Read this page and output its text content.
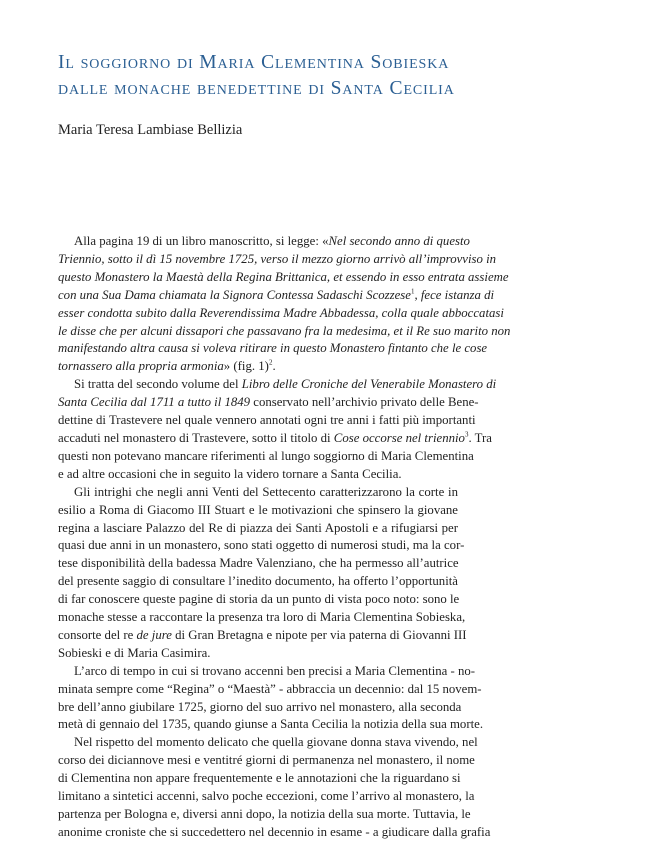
Il soggiorno di Maria Clementina Sobieska
dalle monache benedettine di Santa Cecilia
Maria Teresa Lambiase Bellizia

Alla pagina 19 di un libro manoscritto, si legge: «Nel secondo anno di questo
Triennio, sotto il dì 15 novembre 1725, verso il mezzo giorno arrivò all’improvviso in
questo Monastero la Maestà della Regina Brittanica, et essendo in esso entrata assieme
con una Sua Dama chiamata la Signora Contessa Sadaschi Scozzese$^1$, fece istanza di
esser condotta subito dalla Reverendissima Madre Abbadessa, colla quale abboccatasi
le disse che per alcuni dissapori che passavano fra la medesima, et il Re suo marito non
manifestando altra causa si voleva ritirare in questo Monastero fintanto che le cose
tornassero alla propria armonia» (fig. 1)$^2$.

Si tratta del secondo volume del Libro delle Croniche del Venerabile Monastero di
Santa Cecilia dal 1711 a tutto il 1849 conservato nell’archivio privato delle Bene-
dettine di Trastevere nel quale vennero annotati ogni tre anni i fatti più importanti
accaduti nel monastero di Trastevere, sotto il titolo di Cose occorse nel triennio$^3$. Tra
questi non potevano mancare riferimenti al lungo soggiorno di Maria Clementina
e ad altre occasioni che in seguito la videro tornare a Santa Cecilia.

Gli intrighi che negli anni Venti del Settecento caratterizzarono la corte in
esilio a Roma di Giacomo III Stuart e le motivazioni che spinsero la giovane
regina a lasciare Palazzo del Re di piazza dei Santi Apostoli e a rifugiarsi per
quasi due anni in un monastero, sono stati oggetto di numerosi studi, ma la cor-
tese disponibilità della badessa Madre Valenziano, che ha permesso all’autrice
del presente saggio di consultare l’inedito documento, ha offerto l’opportunità
di far conoscere queste pagine di storia da un punto di vista poco noto: sono le
monache stesse a raccontare la presenza tra loro di Maria Clementina Sobieska,
consorte del re de jure di Gran Bretagna e nipote per via paterna di Giovanni III
Sobieski e di Maria Casimira.

L’arco di tempo in cui si trovano accenni ben precisi a Maria Clementina - no-
minata sempre come “Regina” o “Maestà” - abbraccia un decennio: dal 15 novem-
bre dell’anno giubilare 1725, giorno del suo arrivo nel monastero, alla seconda
metà di gennaio del 1735, quando giunse a Santa Cecilia la notizia della sua morte.

Nel rispetto del momento delicato che quella giovane donna stava vivendo, nel
corso dei diciannove mesi e ventitré giorni di permanenza nel monastero, il nome
di Clementina non appare frequentemente e le annotazioni che la riguardano si
limitano a sintetici accenni, salvo poche eccezioni, come l’arrivo al monastero, la
partenza per Bologna e, diversi anni dopo, la notizia della sua morte. Tuttavia, le
anonime croniste che si succedettero nel decennio in esame - a giudicare dalla grafia
